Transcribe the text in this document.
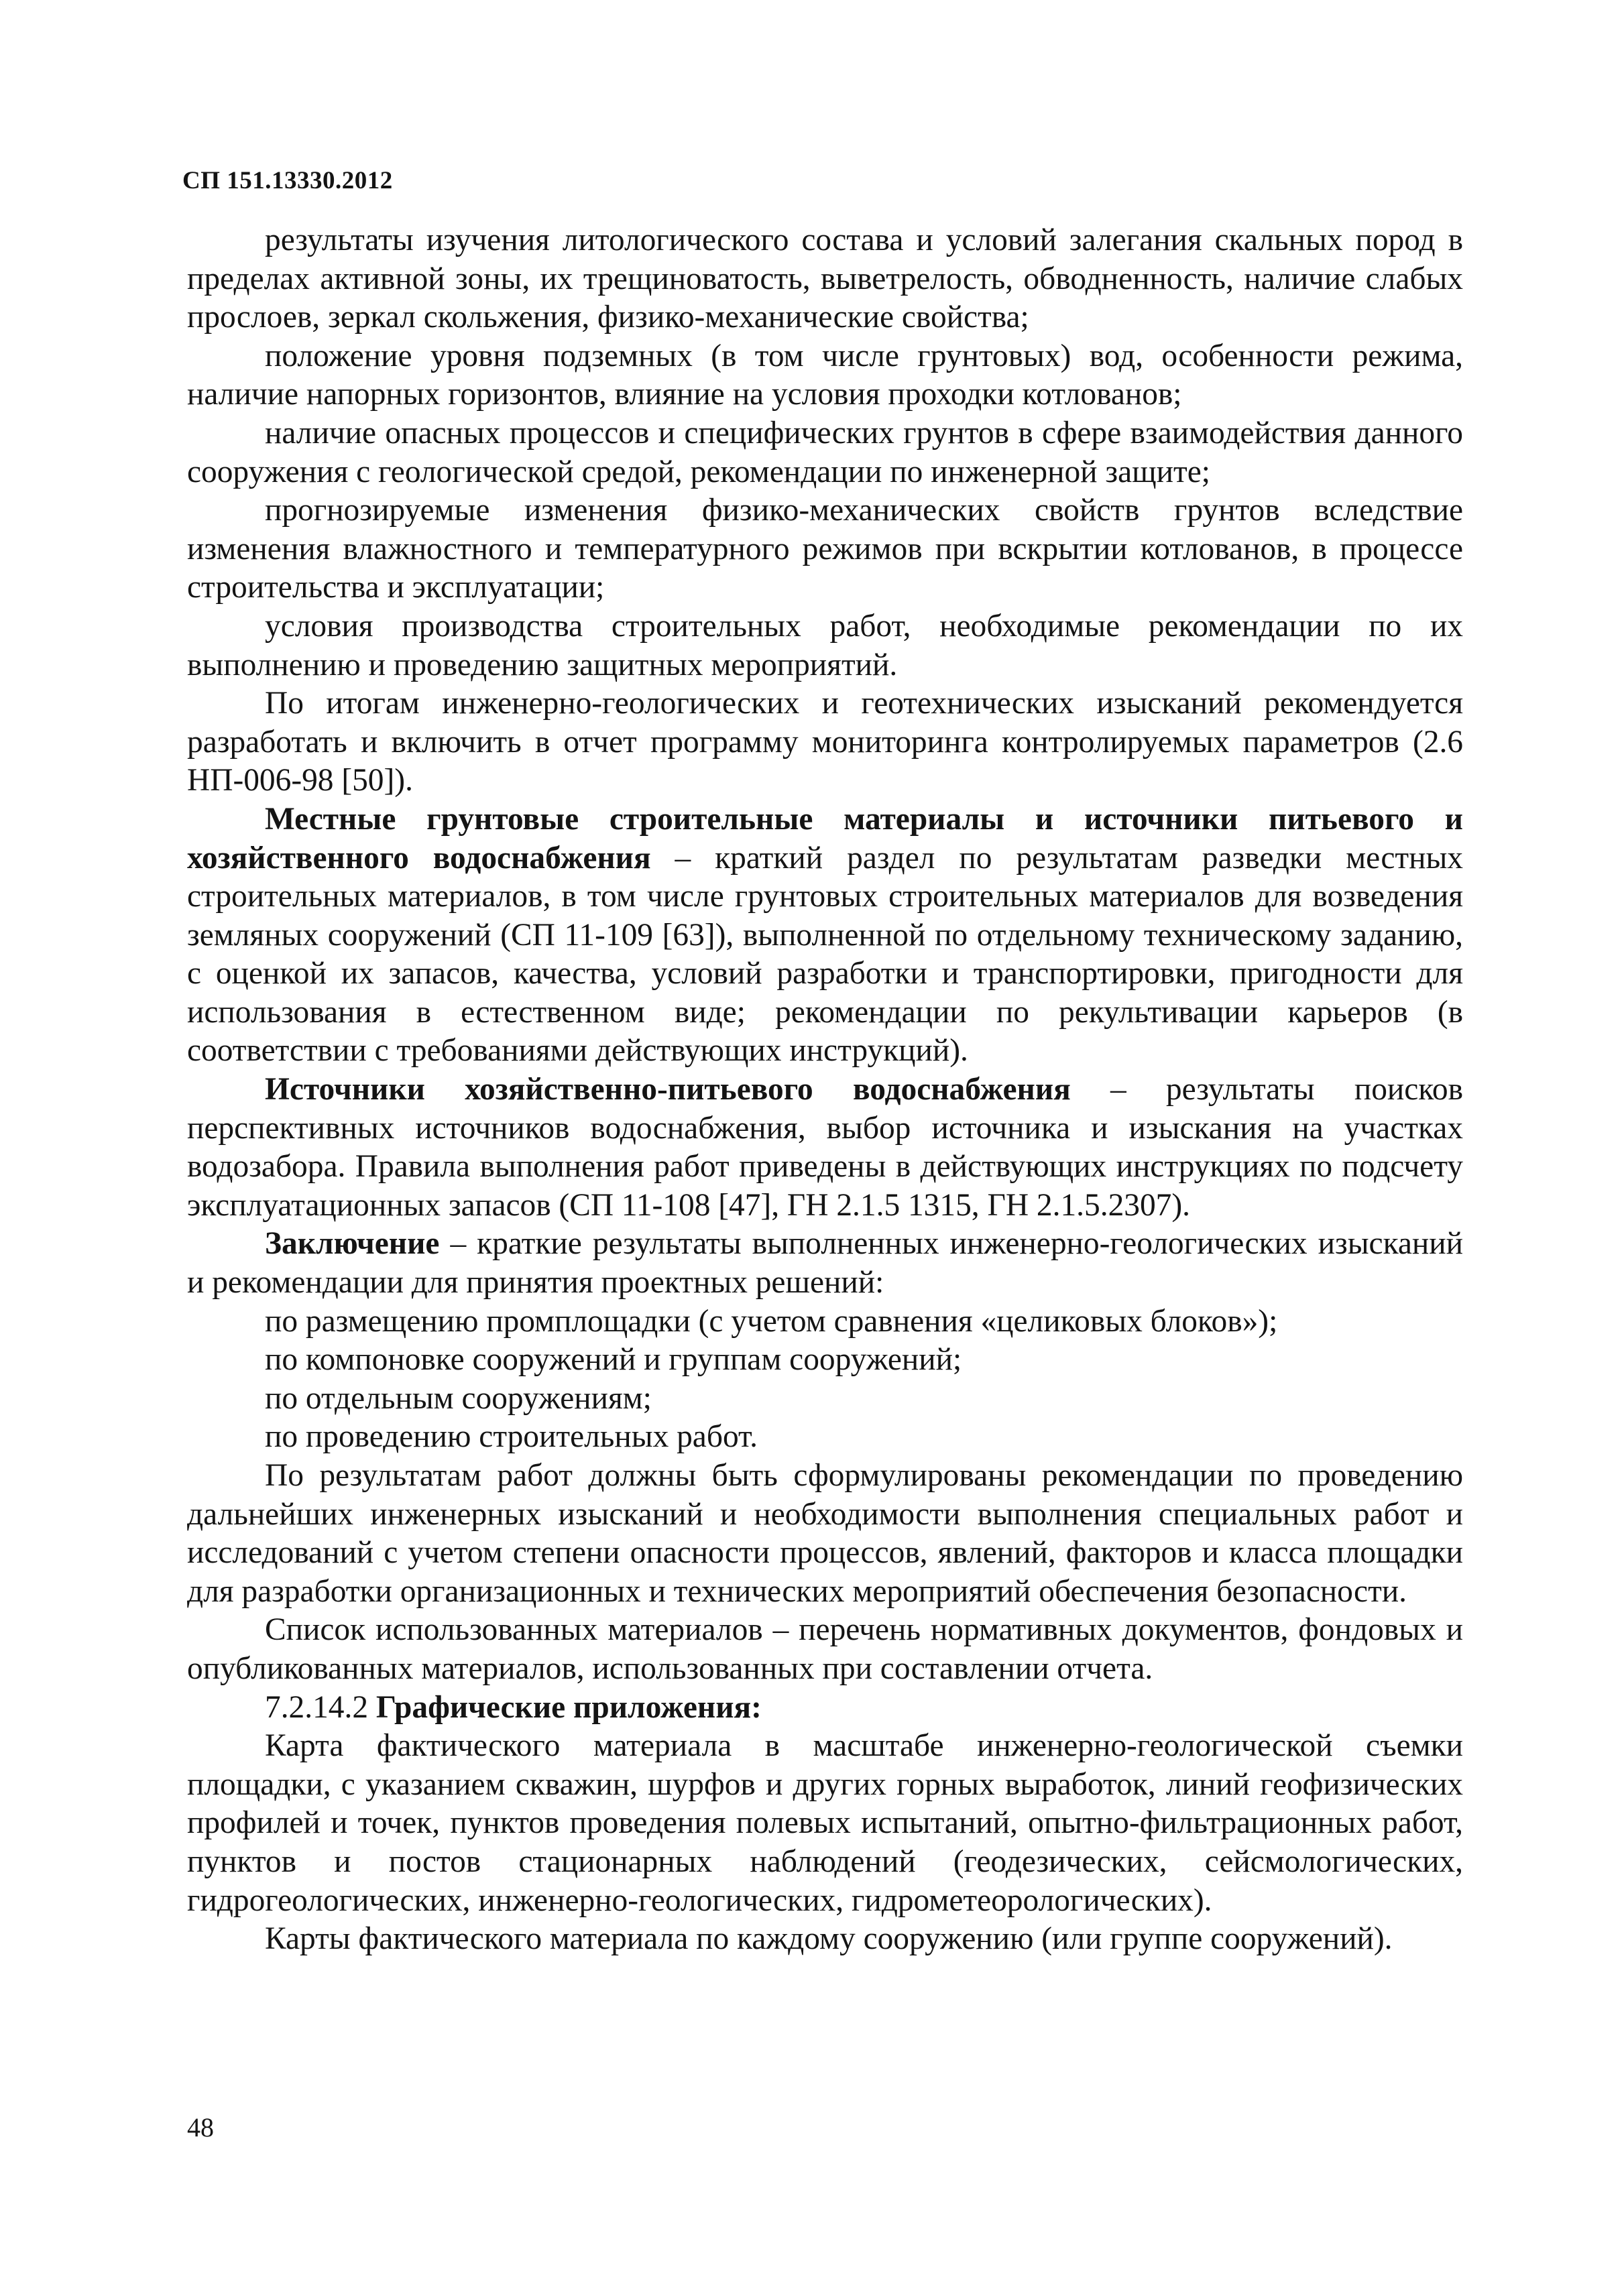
СП 151.13330.2012

результаты изучения литологического состава и условий залегания скальных пород в пределах активной зоны, их трещиноватость, выветрелость, обводненность, наличие слабых прослоев, зеркал скольжения, физико-механические свойства;

положение уровня подземных (в том числе грунтовых) вод, особенности режима, наличие напорных горизонтов, влияние на условия проходки котлованов;

наличие опасных процессов и специфических грунтов в сфере взаимодействия данного сооружения с геологической средой, рекомендации по инженерной защите;

прогнозируемые изменения физико-механических свойств грунтов вследствие изменения влажностного и температурного режимов при вскрытии котлованов, в процессе строительства и эксплуатации;

условия производства строительных работ, необходимые рекомендации по их выполнению и проведению защитных мероприятий.

По итогам инженерно-геологических и геотехнических изысканий рекомендуется разработать и включить в отчет программу мониторинга контролируемых параметров (2.6 НП-006-98 [50]).

Местные грунтовые строительные материалы и источники питьевого и хозяйственного водоснабжения – краткий раздел по результатам разведки местных строительных материалов, в том числе грунтовых строительных материалов для возведения земляных сооружений (СП 11-109 [63]), выполненной по отдельному техническому заданию, с оценкой их запасов, качества, условий разработки и транспортировки, пригодности для использования в естественном виде; рекомендации по рекультивации карьеров (в соответствии с требованиями действующих инструкций).

Источники хозяйственно-питьевого водоснабжения – результаты поисков перспективных источников водоснабжения, выбор источника и изыскания на участках водозабора. Правила выполнения работ приведены в действующих инструкциях по подсчету эксплуатационных запасов (СП 11-108 [47], ГН 2.1.5 1315, ГН 2.1.5.2307).

Заключение – краткие результаты выполненных инженерно-геологических изысканий и рекомендации для принятия проектных решений:

по размещению промплощадки (с учетом сравнения «целиковых блоков»);

по компоновке сооружений и группам сооружений;

по отдельным сооружениям;

по проведению строительных работ.

По результатам работ должны быть сформулированы рекомендации по проведению дальнейших инженерных изысканий и необходимости выполнения специальных работ и исследований с учетом степени опасности процессов, явлений, факторов и класса площадки для разработки организационных и технических мероприятий обеспечения безопасности.

Список использованных материалов – перечень нормативных документов, фондовых и опубликованных материалов, использованных при составлении отчета.

7.2.14.2 Графические приложения:

Карта фактического материала в масштабе инженерно-геологической съемки площадки, с указанием скважин, шурфов и других горных выработок, линий геофизических профилей и точек, пунктов проведения полевых испытаний, опытно-фильтрационных работ, пунктов и постов стационарных наблюдений (геодезических, сейсмологических, гидрогеологических, инженерно-геологических, гидрометеорологических).

Карты фактического материала по каждому сооружению (или группе сооружений).

48
